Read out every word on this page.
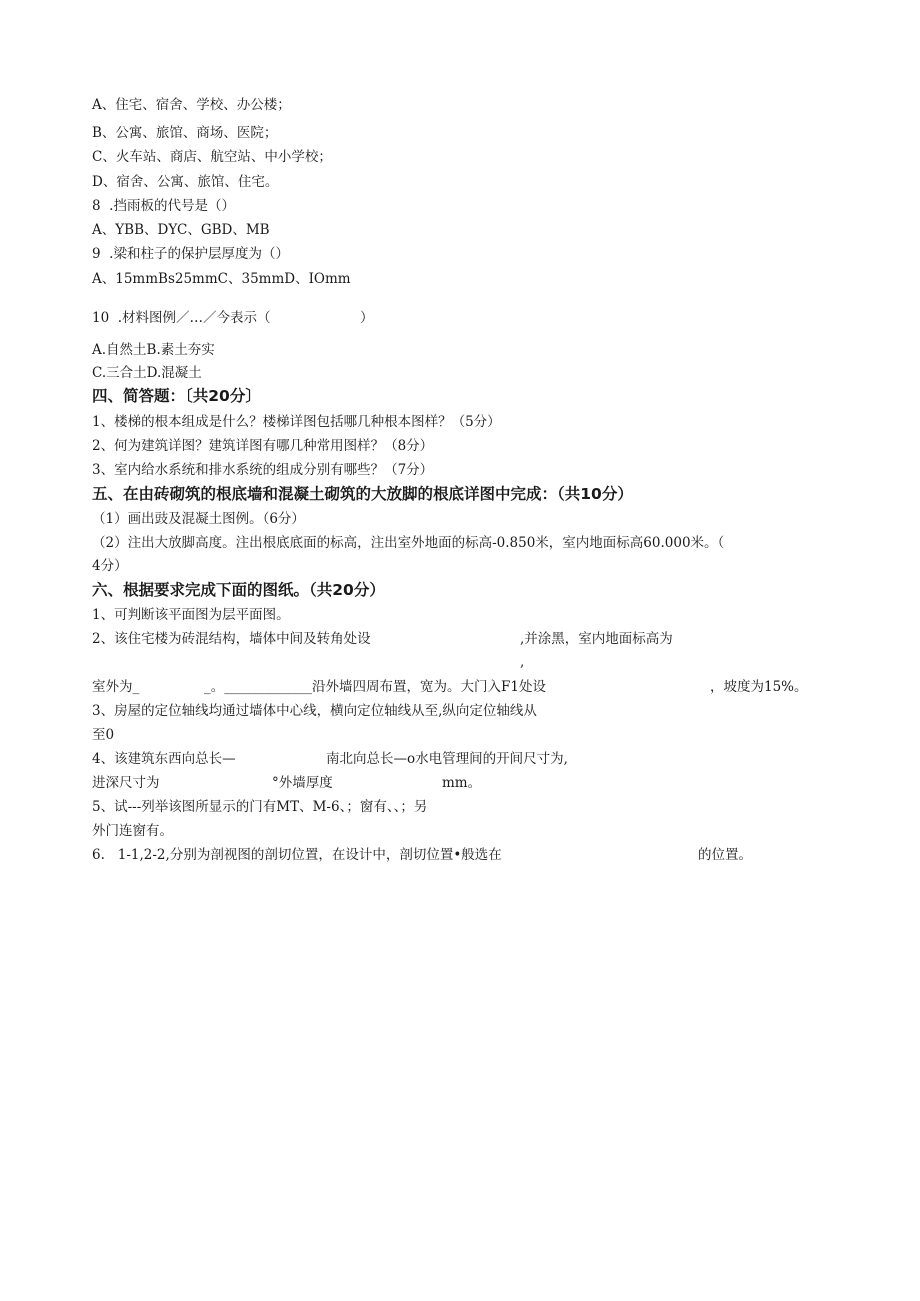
A、住宅、宿舍、学校、办公楼；
B、公寓、旅馆、商场、医院；
C、火车站、商店、航空站、中小学校；
D、宿舍、公寓、旅馆、住宅。
8  .挡雨板的代号是（）
A、YBB、DYC、GBD、MB
9  .梁和柱子的保护层厚度为（）
A、15mmBs25mmC、35mmD、IOmm
10  .材料图例／…／今表示（	）
A.自然土B.素土夯实
C.三合土D.混凝土
四、简答题：〔共20分〕
1、楼梯的根本组成是什么？楼梯详图包括哪几种根本图样？（5分）
2、何为建筑详图？建筑详图有哪几种常用图样？（8分）
3、室内给水系统和排水系统的组成分别有哪些？（7分）
五、在由砖砌筑的根底墙和混凝土砌筑的大放脚的根底详图中完成：（共10分）
（1）画出豉及混凝土图例。（6分）
（2）注出大放脚高度。注出根底底面的标高，注出室外地面的标高-0.850米，室内地面标高60.000米。（
4分）
六、根据要求完成下面的图纸。（共20分）
1、可判断该平面图为层平面图。
2、该住宅楼为砖混结构，墙体中间及转角处设	,并涂黑，室内地面标高为
,
室外为_	_。_____________沿外墙四周布置，宽为。大门入F1处设	，坡度为15%。
3、房屋的定位轴线均通过墙体中心线，横向定位轴线从至,纵向定位轴线从
至0
4、该建筑东西向总长—	南北向总长—o水电管理间的开间尺寸为,
进深尺寸为	°外墙厚度	mm。
5、试---列举该图所显示的门有MT、M-6、；窗有、、；另
外门连窗有。
6.   1-1,2-2,分别为剖视图的剖切位置，在设计中，剖切位置•般选在	的位置。
